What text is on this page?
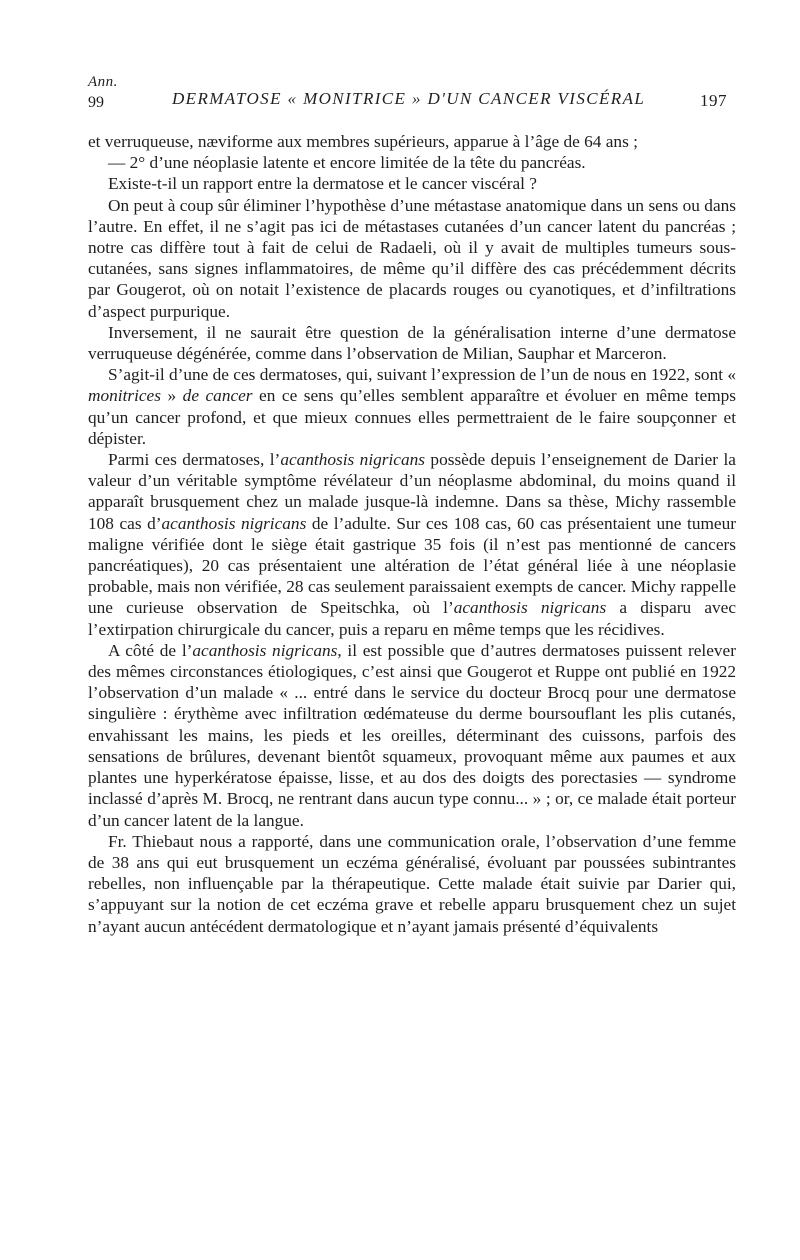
Ann.
99	DERMATOSE « MONITRICE » D'UN CANCER VISCÉRAL	197

et verruqueuse, næviforme aux membres supérieurs, apparue à l’âge de 64 ans ;

— 2° d’une néoplasie latente et encore limitée de la tête du pancréas.

Existe-t-il un rapport entre la dermatose et le cancer viscéral ?

On peut à coup sûr éliminer l’hypothèse d’une métastase anatomique dans un sens ou dans l’autre. En effet, il ne s’agit pas ici de métastases cutanées d’un cancer latent du pancréas ; notre cas diffère tout à fait de celui de Radaeli, où il y avait de multiples tumeurs sous-cutanées, sans signes inflammatoires, de même qu’il diffère des cas précédemment décrits par Gougerot, où on notait l’existence de placards rouges ou cyanotiques, et d’infiltrations d’aspect purpurique.

Inversement, il ne saurait être question de la généralisation interne d’une dermatose verruqueuse dégénérée, comme dans l’observation de Milian, Sauphar et Marceron.

S’agit-il d’une de ces dermatoses, qui, suivant l’expression de l’un de nous en 1922, sont « monitrices » de cancer en ce sens qu’elles semblent apparaître et évoluer en même temps qu’un cancer profond, et que mieux connues elles permettraient de le faire soupçonner et dépister.

Parmi ces dermatoses, l’acanthosis nigricans possède depuis l’enseignement de Darier la valeur d’un véritable symptôme révélateur d’un néoplasme abdominal, du moins quand il apparaît brusquement chez un malade jusque-là indemne. Dans sa thèse, Michy rassemble 108 cas d’acanthosis nigricans de l’adulte. Sur ces 108 cas, 60 cas présentaient une tumeur maligne vérifiée dont le siège était gastrique 35 fois (il n’est pas mentionné de cancers pancréatiques), 20 cas présentaient une altération de l’état général liée à une néoplasie probable, mais non vérifiée, 28 cas seulement paraissaient exempts de cancer. Michy rappelle une curieuse observation de Speitschka, où l’acanthosis nigricans a disparu avec l’extirpation chirurgicale du cancer, puis a reparu en même temps que les récidives.

A côté de l’acanthosis nigricans, il est possible que d’autres dermatoses puissent relever des mêmes circonstances étiologiques, c’est ainsi que Gougerot et Ruppe ont publié en 1922 l’observation d’un malade « ... entré dans le service du docteur Brocq pour une dermatose singulière : érythème avec infiltration œdémateuse du derme boursouflant les plis cutanés, envahissant les mains, les pieds et les oreilles, déterminant des cuissons, parfois des sensations de brûlures, devenant bientôt squameux, provoquant même aux paumes et aux plantes une hyperkératose épaisse, lisse, et au dos des doigts des porectasies — syndrome inclassé d’après M. Brocq, ne rentrant dans aucun type connu... » ; or, ce malade était porteur d’un cancer latent de la langue.

Fr. Thiebaut nous a rapporté, dans une communication orale, l’observation d’une femme de 38 ans qui eut brusquement un eczéma généralisé, évoluant par poussées subintrantes rebelles, non influençable par la thérapeutique. Cette malade était suivie par Darier qui, s’appuyant sur la notion de cet eczéma grave et rebelle apparu brusquement chez un sujet n’ayant aucun antécédent dermatologique et n’ayant jamais présenté d’équivalents
